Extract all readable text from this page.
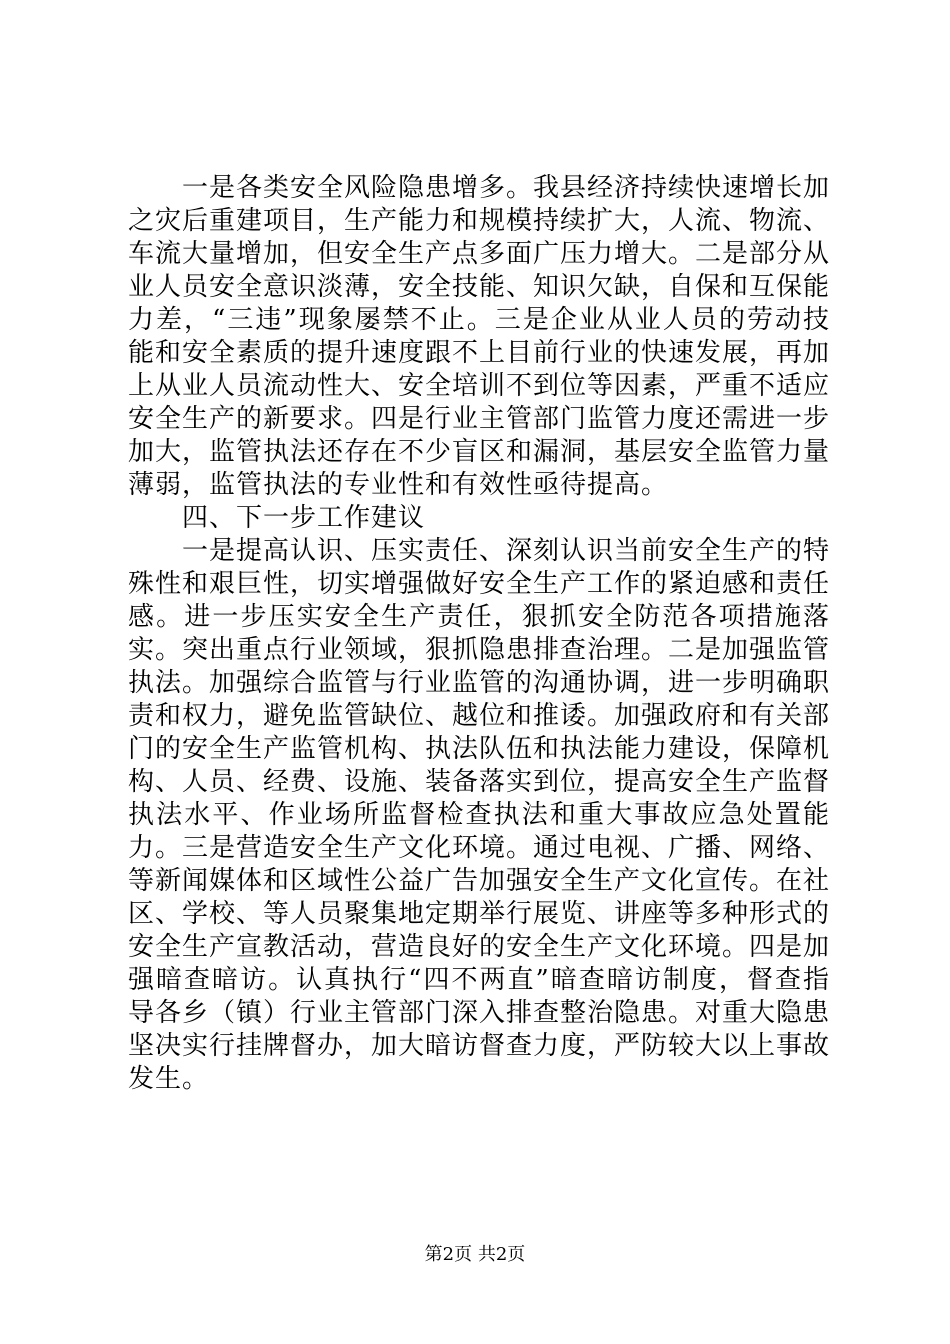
一是各类安全风险隐患增多。我县经济持续快速增长加之灾后重建项目，生产能力和规模持续扩大，人流、物流、车流大量增加，但安全生产点多面广压力增大。二是部分从业人员安全意识淡薄，安全技能、知识欠缺，自保和互保能力差，“三违”现象屡禁不止。三是企业从业人员的劳动技能和安全素质的提升速度跟不上目前行业的快速发展，再加上从业人员流动性大、安全培训不到位等因素，严重不适应安全生产的新要求。四是行业主管部门监管力度还需进一步加大，监管执法还存在不少盲区和漏洞，基层安全监管力量薄弱，监管执法的专业性和有效性亟待提高。

四、下一步工作建议

一是提高认识、压实责任、深刻认识当前安全生产的特殊性和艰巨性，切实增强做好安全生产工作的紧迫感和责任感。进一步压实安全生产责任，狠抓安全防范各项措施落实。突出重点行业领域，狠抓隐患排查治理。二是加强监管执法。加强综合监管与行业监管的沟通协调，进一步明确职责和权力，避免监管缺位、越位和推诿。加强政府和有关部门的安全生产监管机构、执法队伍和执法能力建设，保障机构、人员、经费、设施、装备落实到位，提高安全生产监督执法水平、作业场所监督检查执法和重大事故应急处置能力。三是营造安全生产文化环境。通过电视、广播、网络、等新闻媒体和区域性公益广告加强安全生产文化宣传。在社区、学校、等人员聚集地定期举行展览、讲座等多种形式的安全生产宣教活动，营造良好的安全生产文化环境。四是加强暗查暗访。认真执行“四不两直”暗查暗访制度，督查指导各乡（镇）行业主管部门深入排查整治隐患。对重大隐患坚决实行挂牌督办，加大暗访督查力度，严防较大以上事故发生。

第2页 共2页
